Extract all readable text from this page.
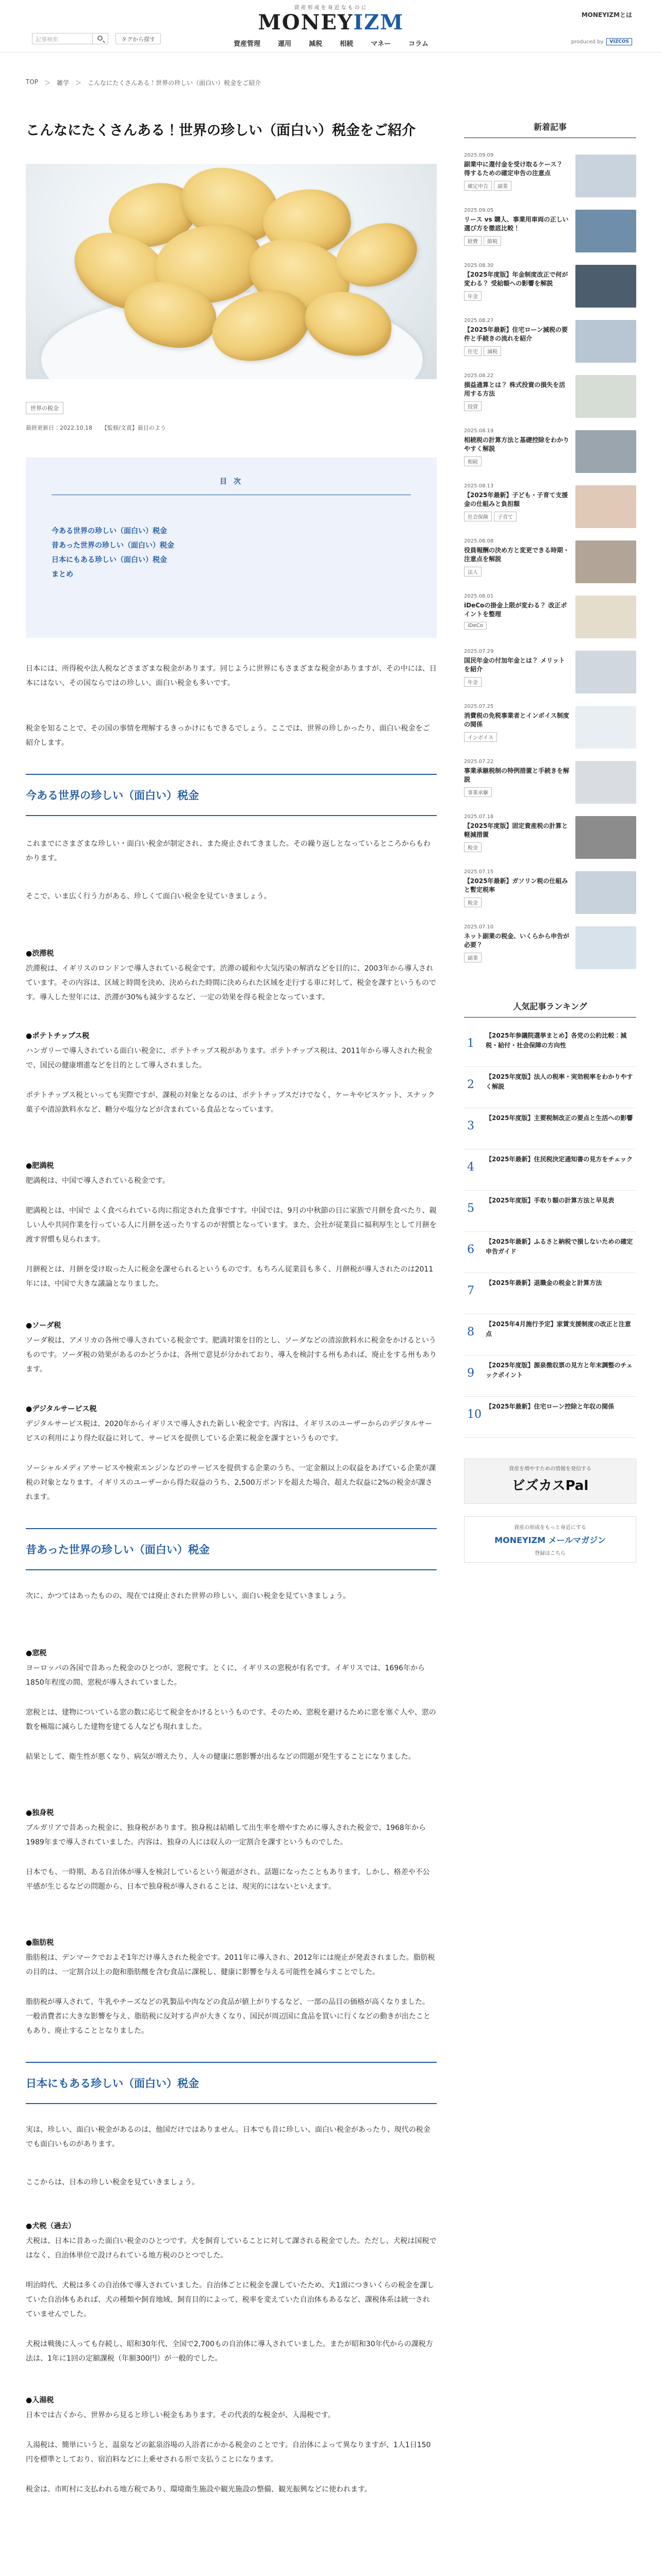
記事検索	タグから探す
資産形成を身近なものに
MONEYIZM
資産管理	運用	減税	相続	マネー	コラム
MONEYIZMとは
produced by	VIZCOS
TOP ＞ 雑学 ＞ こんなにたくさんある！世界の珍しい（面白い）税金をご紹介
こんなにたくさんある！世界の珍しい（面白い）税金をご紹介
世界の税金
最終更新日：2022.10.18 【監修/文責】最目のよう
目 次
今ある世界の珍しい（面白い）税金
昔あった世界の珍しい（面白い）税金
日本にもある珍しい（面白い）税金
まとめ

日本には、所得税や法人税などさまざまな税金があります。同じように世界にもさまざまな税金がありますが、その中には、日本にはない、その国ならではの珍しい、面白い税金も多いです。

税金を知ることで、その国の事情を理解するきっかけにもできるでしょう。ここでは、世界の珍しかったり、面白い税金をご紹介します。

今ある世界の珍しい（面白い）税金

これまでにさまざまな珍しい・面白い税金が制定され、また廃止されてきました。その繰り返しとなっているところからもわかります。

そこで、いま広く行う力がある、珍しくて面白い税金を見ていきましょう。

●渋滞税

渋滞税は、イギリスのロンドンで導入されている税金です。渋滞の緩和や大気汚染の解消などを目的に、2003年から導入されています。その内容は、区域と時間を決め、決められた時間に決められた区域を走行する車に対して、税金を課すというものです。導入した翌年には、渋滞が30%も減少するなど、一定の効果を得る税金となっています。

●ポテトチップス税

ハンガリーで導入されている面白い税金に、ポテトチップス税があります。ポテトチップス税は、2011年から導入された税金で、国民の健康増進などを目的として導入されました。

ポテトチップス税といっても実際ですが、課税の対象となるのは、ポテトチップスだけでなく、ケーキやビスケット、スナック菓子や清涼飲料水など、糖分や塩分などが含まれている食品となっています。

●肥満税

肥満税は、中国で導入されている税金です。

肥満税とは、中国で よく食べられている肉に指定された食事ですす。中国では、9月の中秋節の日に家族で月餅を食べたり、親しい人や共同作業を行っている人に月餅を送ったりするのが習慣となっています。また、会社が従業員に福利厚生として月餅を渡す習慣も見られます。

月餅税とは、月餅を受け取った人に税金を課せられるというものです。もちろん従業員も多く、月餅税が導入されたのは2011年には、中国で大きな議論となりました。

●ソーダ税

ソーダ税は、アメリカの各州で導入されている税金です。肥満対策を目的とし、ソーダなどの清涼飲料水に税金をかけるというものです。ソーダ税の効果があるのかどうかは、各州で意見が分かれており、導入を検討する州もあれば、廃止をする州もあります。

●デジタルサービス税

デジタルサービス税は、2020年からイギリスで導入された新しい税金です。内容は、イギリスのユーザーからのデジタルサービスの利用により得た収益に対して、サービスを提供している企業に税金を課すというものです。

ソーシャルメディアサービスや検索エンジンなどのサービスを提供する企業のうち、一定金額以上の収益をあげている企業が課税の対象となります。イギリスのユーザーから得た収益のうち、2,500万ポンドを超えた場合、超えた収益に2%の税金が課されます。

昔あった世界の珍しい（面白い）税金

次に、かつてはあったものの、現在では廃止された世界の珍しい、面白い税金を見ていきましょう。

●窓税

ヨーロッパの各国で昔あった税金のひとつが、窓税です。とくに、イギリスの窓税が有名です。イギリスでは、1696年から1850年程度の間、窓税が導入されていました。

窓税とは、建物についている窓の数に応じて税金をかけるというものです。そのため、窓税を避けるために窓を塞ぐ人や、窓の数を極端に減らした建物を建てる人なども現れました。

結果として、衛生性が悪くなり、病気が増えたり、人々の健康に悪影響が出るなどの問題が発生することになりました。

●独身税

ブルガリアで昔あった税金に、独身税があります。独身税は結婚して出生率を増やすために導入された税金で、1968年から1989年まで導入されていました。内容は、独身の人には収入の一定割合を課すというものでした。

日本でも、一時期、ある自治体が導入を検討しているという報道がされ、話題になったこともあります。しかし、格差や不公平感が生じるなどの問題から、日本で独身税が導入されることは、現実的にはないといえます。

●脂肪税

脂肪税は、デンマークでおよそ1年だけ導入された税金です。2011年に導入され、2012年には廃止が発表されました。脂肪税の目的は、一定割合以上の飽和脂肪酸を含む食品に課税し、健康に影響を与える可能性を減らすことでした。

脂肪税が導入されて、牛乳やチーズなどの乳製品や肉などの食品が値上がりするなど、一部の品目の価格が高くなりました。一般消費者に大きな影響を与え、脂肪税に反対する声が大きくなり、国民が周辺国に食品を買いに行くなどの動きが出たこともあり、廃止することとなりました。

日本にもある珍しい（面白い）税金

実は、珍しい、面白い税金があるのは、他国だけではありません。日本でも昔に珍しい、面白い税金があったり、現代の税金でも面白いものがあります。

ここからは、日本の珍しい税金を見ていきましょう。

●犬税（過去）

犬税は、日本に昔あった面白い税金のひとつです。犬を飼育していることに対して課される税金でした。ただし、犬税は国税ではなく、自治体単位で設けられている地方税のひとつでした。

明治時代、犬税は多くの自治体で導入されていました。自治体ごとに税金を課していたため、犬1頭につきいくらの税金を課していた自治体もあれば、犬の種類や飼育地域、飼育目的によって、税率を変えていた自治体もあるなど、課税体系は統一されていませんでした。

犬税は戦後に入っても存続し、昭和30年代、全国で2,700もの自治体に導入されていました。またが昭和30年代からの課税方法は、1年に1回の定額課税（年額300円）が一般的でした。

●入湯税

日本では古くから、世界から見ると珍しい税金もあります。その代表的な税金が、入湯税です。

入湯税は、簡単にいうと、温泉などの鉱泉浴場の入浴者にかかる税金のことです。自治体によって異なりますが、1人1日150円を標準としており、宿泊料などに上乗せされる形で支払うことになります。

税金は、市町村に支払われる地方税であり、環境衛生施設や観光施設の整備、観光振興などに使われます。

新着記事
2025.09.09
副業中に還付金を受け取るケース？ 得するための確定申告の注意点
確定申告 副業
2025.09.05
リース vs 購入、事業用車両の正しい選び方を徹底比較！
経費 節税
2025.08.30
【2025年度版】年金制度改正で何が変わる？ 受給額への影響を解説
年金
2025.08.27
【2025年最新】住宅ローン減税の要件と手続きの流れを紹介
住宅 減税
2025.08.22
損益通算とは？ 株式投資の損失を活用する方法
投資
2025.08.19
相続税の計算方法と基礎控除をわかりやすく解説
相続
2025.08.13
【2025年最新】子ども・子育て支援金の仕組みと負担額
社会保険 子育て
2025.08.08
役員報酬の決め方と変更できる時期・注意点を解説
法人
2025.08.01
iDeCoの掛金上限が変わる？ 改正ポイントを整理
iDeCo
2025.07.29
国民年金の付加年金とは？ メリットを紹介
年金
2025.07.25
消費税の免税事業者とインボイス制度の関係
インボイス
2025.07.22
事業承継税制の特例措置と手続きを解説
事業承継
2025.07.18
【2025年度版】固定資産税の計算と軽減措置
税金
2025.07.15
【2025年最新】ガソリン税の仕組みと暫定税率
税金
2025.07.10
ネット副業の税金、いくらから申告が必要？
副業
人気記事ランキング
1
【2025年参議院選挙まとめ】各党の公約比較：減税・給付・社会保障の方向性
2
【2025年度版】法人の税率・実効税率をわかりやすく解説
3
【2025年度版】主要税制改正の要点と生活への影響
4
【2025年最新】住民税決定通知書の見方をチェック
5
【2025年度版】手取り額の計算方法と早見表
6
【2025年最新】ふるさと納税で損しないための確定申告ガイド
7
【2025年最新】退職金の税金と計算方法
8
【2025年4月施行予定】家賃支援制度の改正と注意点
9
【2025年度版】源泉徴収票の見方と年末調整のチェックポイント
10
【2025年最新】住宅ローン控除と年収の関係
資産を増やすための情報を発信する
ビズカスPal
資産の形成をもっと身近にする
MONEYIZM メールマガジン
登録はこちら
